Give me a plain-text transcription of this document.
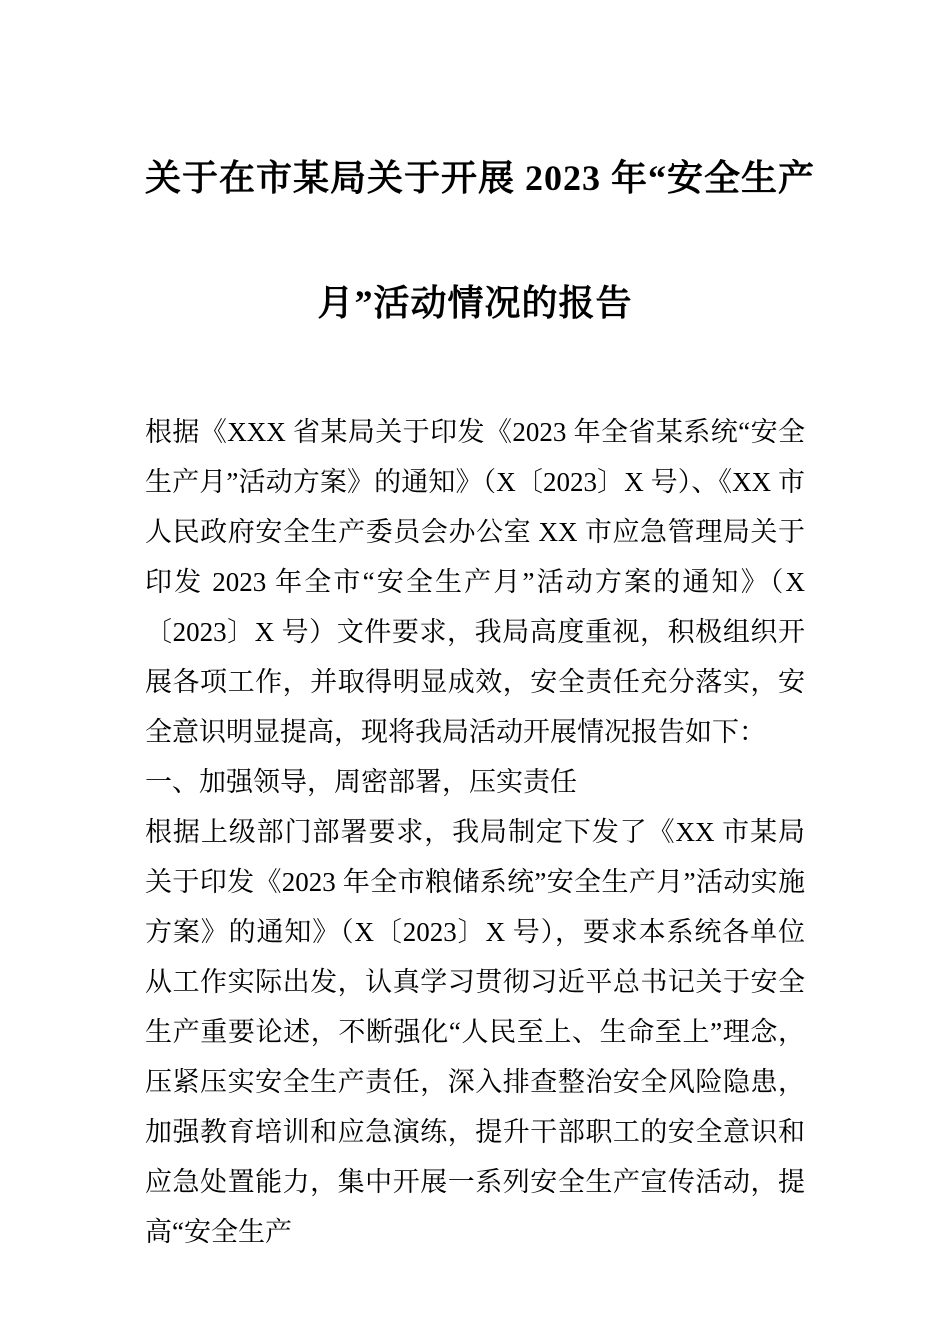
关于在市某局关于开展 2023 年“安全生产
月”活动情况的报告

根据《XXX 省某局关于印发《2023 年全省某系统“安全生产月”活动方案》的通知》（X〔2023〕X 号）、《XX 市人民政府安全生产委员会办公室 XX 市应急管理局关于印发 2023 年全市“安全生产月”活动方案的通知》（X〔2023〕X 号）文件要求，我局高度重视，积极组织开展各项工作，并取得明显成效，安全责任充分落实，安全意识明显提高，现将我局活动开展情况报告如下：

一、加强领导，周密部署，压实责任

根据上级部门部署要求，我局制定下发了《XX 市某局关于印发《2023 年全市粮储系统”安全生产月”活动实施方案》的通知》（X〔2023〕X 号），要求本系统各单位从工作实际出发，认真学习贯彻习近平总书记关于安全生产重要论述，不断强化“人民至上、生命至上”理念，压紧压实安全生产责任，深入排查整治安全风险隐患，加强教育培训和应急演练，提升干部职工的安全意识和应急处置能力，集中开展一系列安全生产宣传活动，提高“安全生产
